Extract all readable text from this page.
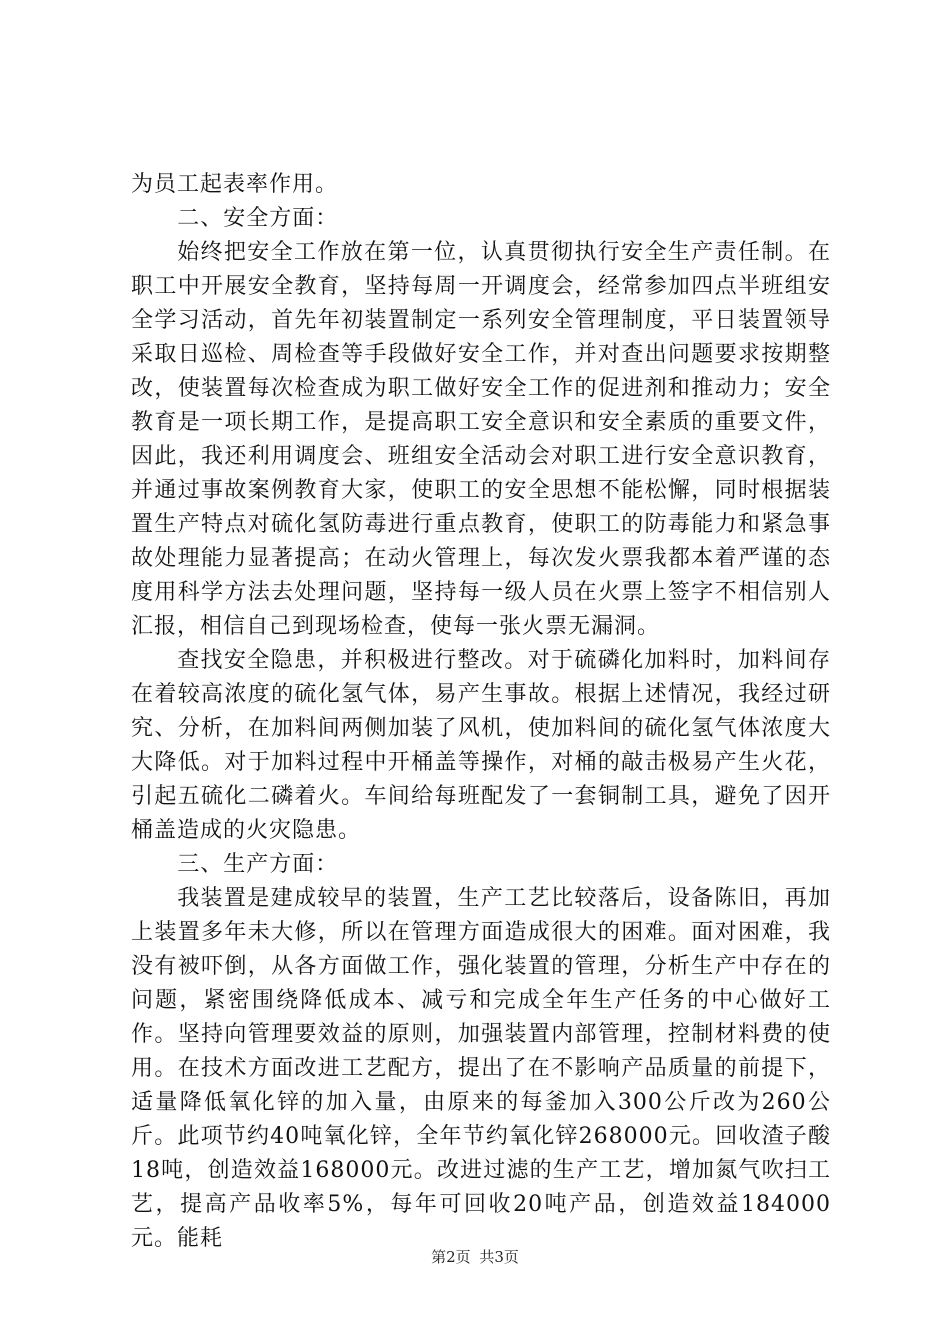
为员工起表率作用。

二、安全方面：

始终把安全工作放在第一位，认真贯彻执行安全生产责任制。在职工中开展安全教育，坚持每周一开调度会，经常参加四点半班组安全学习活动，首先年初装置制定一系列安全管理制度，平日装置领导采取日巡检、周检查等手段做好安全工作，并对查出问题要求按期整改，使装置每次检查成为职工做好安全工作的促进剂和推动力；安全教育是一项长期工作，是提高职工安全意识和安全素质的重要文件，因此，我还利用调度会、班组安全活动会对职工进行安全意识教育，并通过事故案例教育大家，使职工的安全思想不能松懈，同时根据装置生产特点对硫化氢防毒进行重点教育，使职工的防毒能力和紧急事故处理能力显著提高；在动火管理上，每次发火票我都本着严谨的态度用科学方法去处理问题，坚持每一级人员在火票上签字不相信别人汇报，相信自己到现场检查，使每一张火票无漏洞。

查找安全隐患，并积极进行整改。对于硫磷化加料时，加料间存在着较高浓度的硫化氢气体，易产生事故。根据上述情况，我经过研究、分析，在加料间两侧加装了风机，使加料间的硫化氢气体浓度大大降低。对于加料过程中开桶盖等操作，对桶的敲击极易产生火花，引起五硫化二磷着火。车间给每班配发了一套铜制工具，避免了因开桶盖造成的火灾隐患。

三、生产方面：

我装置是建成较早的装置，生产工艺比较落后，设备陈旧，再加上装置多年未大修，所以在管理方面造成很大的困难。面对困难，我没有被吓倒，从各方面做工作，强化装置的管理，分析生产中存在的问题，紧密围绕降低成本、减亏和完成全年生产任务的中心做好工作。坚持向管理要效益的原则，加强装置内部管理，控制材料费的使用。在技术方面改进工艺配方，提出了在不影响产品质量的前提下，适量降低氧化锌的加入量，由原来的每釜加入300公斤改为260公斤。此项节约40吨氧化锌，全年节约氧化锌268000元。回收渣子酸18吨，创造效益168000元。改进过滤的生产工艺，增加氮气吹扫工艺，提高产品收率5%，每年可回收20吨产品，创造效益184000元。能耗

第2页 共3页
